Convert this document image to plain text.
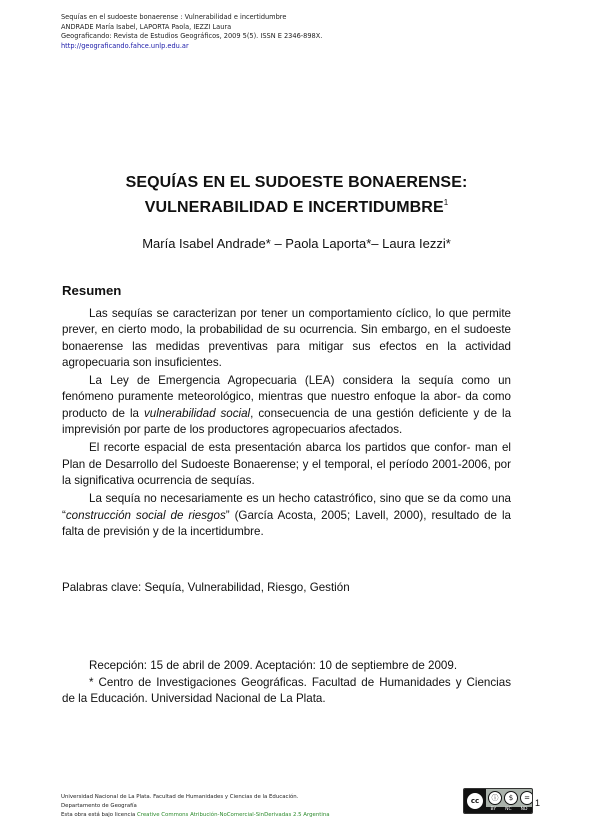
Sequías en el sudoeste bonaerense : Vulnerabilidad e incertidumbre
ANDRADE María Isabel, LAPORTA Paola, IEZZI Laura
Geograficando: Revista de Estudios Geográficos, 2009 5(5). ISSN E 2346-898X.
http://geograficando.fahce.unlp.edu.ar
SEQUÍAS EN EL SUDOESTE BONAERENSE:
VULNERABILIDAD E INCERTIDUMBRE$^1$
María Isabel Andrade* – Paola Laporta*– Laura Iezzi*
Resumen

Las sequías se caracterizan por tener un comportamiento cíclico, lo que permite prever, en cierto modo, la probabilidad de su ocurrencia. Sin embargo, en el sudoeste bonaerense las medidas preventivas para mitigar sus efectos en la actividad agropecuaria son insuficientes.

La Ley de Emergencia Agropecuaria (LEA) considera la sequía como un fenómeno puramente meteorológico, mientras que nuestro enfoque la abor- da como producto de la vulnerabilidad social, consecuencia de una gestión deficiente y de la imprevisión por parte de los productores agropecuarios afectados.

El recorte espacial de esta presentación abarca los partidos que confor- man el Plan de Desarrollo del Sudoeste Bonaerense; y el temporal, el período 2001-2006, por la significativa ocurrencia de sequías.

La sequía no necesariamente es un hecho catastrófico, sino que se da como una “construcción social de riesgos” (García Acosta, 2005; Lavell, 2000), resultado de la falta de previsión y de la incertidumbre.

Palabras clave: Sequía, Vulnerabilidad, Riesgo, Gestión

Recepción: 15 de abril de 2009. Aceptación: 10 de septiembre de 2009.

* Centro de Investigaciones Geográficas. Facultad de Humanidades y Ciencias de la Educación. Universidad Nacional de La Plata.

Universidad Nacional de La Plata. Facultad de Humanidades y Ciencias de la Educación.
Departamento de Geografía
Esta obra está bajo licencia Creative Commons Atribución-NoComercial-SinDerivadas 2.5 Argentina
cc	ⓘ	$	=
BY NC ND
1
